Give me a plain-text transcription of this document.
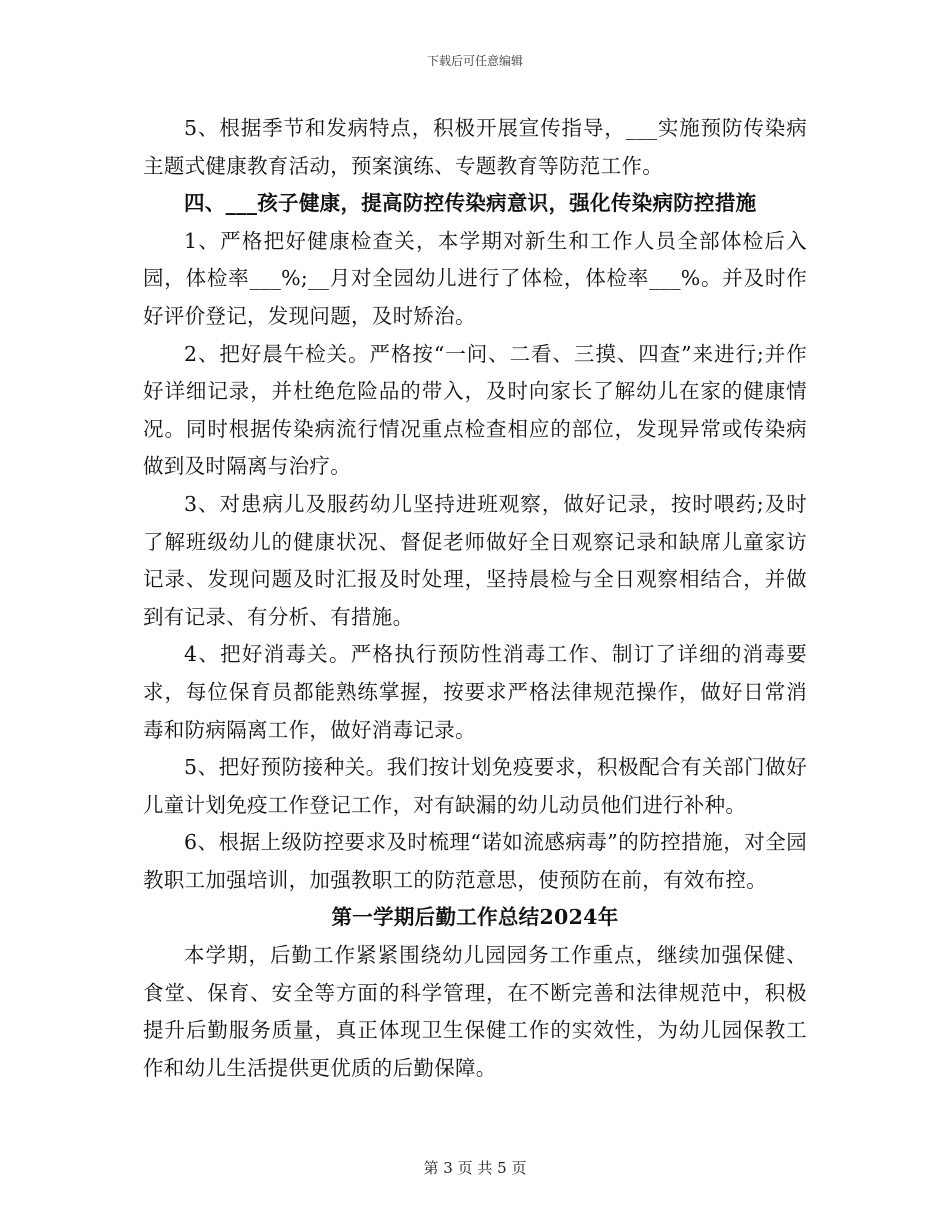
下载后可任意编辑

5、根据季节和发病特点，积极开展宣传指导，___实施预防传染病主题式健康教育活动，预案演练、专题教育等防范工作。

四、___孩子健康，提高防控传染病意识，强化传染病防控措施

1、严格把好健康检查关，本学期对新生和工作人员全部体检后入园，体检率___%;__月对全园幼儿进行了体检，体检率___%。并及时作好评价登记，发现问题，及时矫治。

2、把好晨午检关。严格按“一问、二看、三摸、四查”来进行;并作好详细记录，并杜绝危险品的带入，及时向家长了解幼儿在家的健康情况。同时根据传染病流行情况重点检查相应的部位，发现异常或传染病做到及时隔离与治疗。

3、对患病儿及服药幼儿坚持进班观察，做好记录，按时喂药;及时了解班级幼儿的健康状况、督促老师做好全日观察记录和缺席儿童家访记录、发现问题及时汇报及时处理，坚持晨检与全日观察相结合，并做到有记录、有分析、有措施。

4、把好消毒关。严格执行预防性消毒工作、制订了详细的消毒要求，每位保育员都能熟练掌握，按要求严格法律规范操作，做好日常消毒和防病隔离工作，做好消毒记录。

5、把好预防接种关。我们按计划免疫要求，积极配合有关部门做好儿童计划免疫工作登记工作，对有缺漏的幼儿动员他们进行补种。

6、根据上级防控要求及时梳理“诺如流感病毒”的防控措施，对全园教职工加强培训，加强教职工的防范意思，使预防在前，有效布控。

第一学期后勤工作总结2024年

本学期，后勤工作紧紧围绕幼儿园园务工作重点，继续加强保健、食堂、保育、安全等方面的科学管理，在不断完善和法律规范中，积极提升后勤服务质量，真正体现卫生保健工作的实效性，为幼儿园保教工作和幼儿生活提供更优质的后勤保障。

第 3 页 共 5 页
